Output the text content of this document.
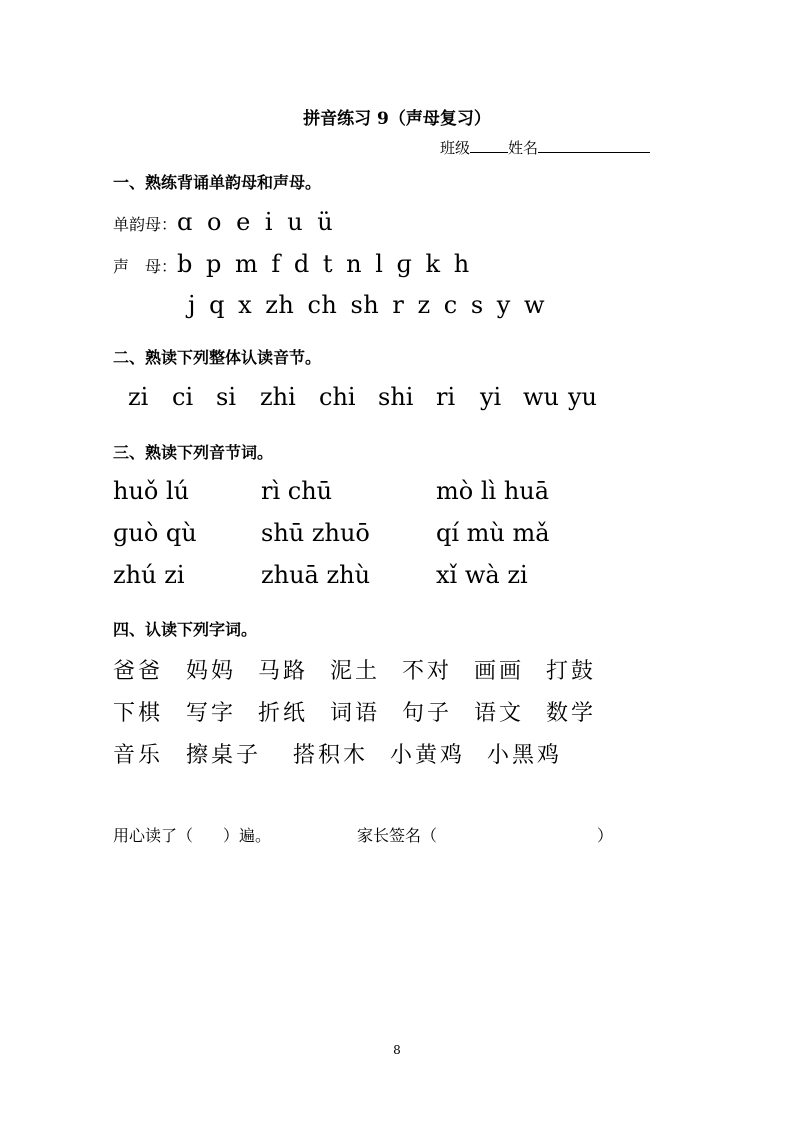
拼音练习 9（声母复习）
班级	姓名
一、熟练背诵单韵母和声母。
单韵母：ɑ o e i u ü
声　母：b p m f d t n l ɡ k h
j q x zh ch sh r z c s y w
二、熟读下列整体认读音节。
zi ci si zhi chi shi ri yi wu yu
三、熟读下列音节词。
huǒ lú	rì chū	mò lì huā
ɡuò qù	shū zhuō	qí mù mǎ
zhú zi	zhuā zhù	xǐ wà zi
四、认读下列字词。
爸爸 妈妈 马路 泥土 不对 画画 打鼓
下棋 写字 折纸 词语 句子 语文 数学
音乐 擦桌子 搭积木 小黄鸡 小黑鸡
用心读了（ ）遍。	家长签名（	）
8
